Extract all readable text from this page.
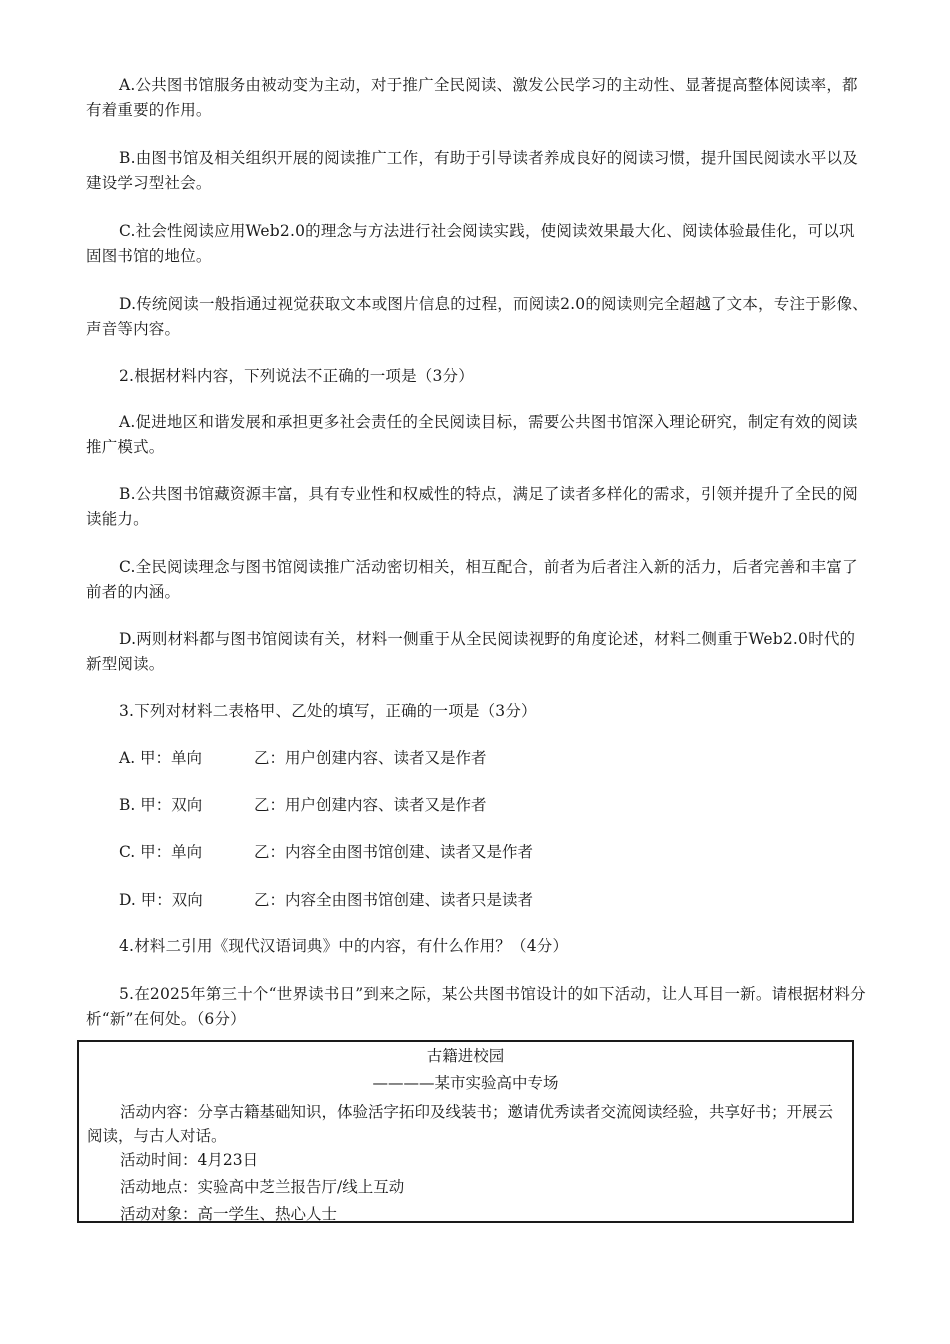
A.公共图书馆服务由被动变为主动，对于推广全民阅读、激发公民学习的主动性、显著提高整体阅读率，都有着重要的作用。

B.由图书馆及相关组织开展的阅读推广工作，有助于引导读者养成良好的阅读习惯，提升国民阅读水平以及建设学习型社会。

C.社会性阅读应用Web2.0的理念与方法进行社会阅读实践，使阅读效果最大化、阅读体验最佳化，可以巩固图书馆的地位。

D.传统阅读一般指通过视觉获取文本或图片信息的过程，而阅读2.0的阅读则完全超越了文本，专注于影像、声音等内容。

2.根据材料内容，下列说法不正确的一项是（3分）

A.促进地区和谐发展和承担更多社会责任的全民阅读目标，需要公共图书馆深入理论研究，制定有效的阅读推广模式。

B.公共图书馆藏资源丰富，具有专业性和权威性的特点，满足了读者多样化的需求，引领并提升了全民的阅读能力。

C.全民阅读理念与图书馆阅读推广活动密切相关，相互配合，前者为后者注入新的活力，后者完善和丰富了前者的内涵。

D.两则材料都与图书馆阅读有关，材料一侧重于从全民阅读视野的角度论述，材料二侧重于Web2.0时代的新型阅读。

3.下列对材料二表格甲、乙处的填写，正确的一项是（3分）

A. 甲：单向	乙：用户创建内容、读者又是作者

B. 甲：双向	乙：用户创建内容、读者又是作者

C. 甲：单向	乙：内容全由图书馆创建、读者又是作者

D. 甲：双向	乙：内容全由图书馆创建、读者只是读者

4.材料二引用《现代汉语词典》中的内容，有什么作用？（4分）

5.在2025年第三十个“世界读书日”到来之际，某公共图书馆设计的如下活动，让人耳目一新。请根据材料分析“新”在何处。（6分）

古籍进校园
————某市实验高中专场

活动内容：分享古籍基础知识，体验活字拓印及线装书；邀请优秀读者交流阅读经验，共享好书；开展云阅读，与古人对话。

活动时间：4月23日

活动地点：实验高中芝兰报告厅/线上互动

活动对象：高一学生、热心人士
